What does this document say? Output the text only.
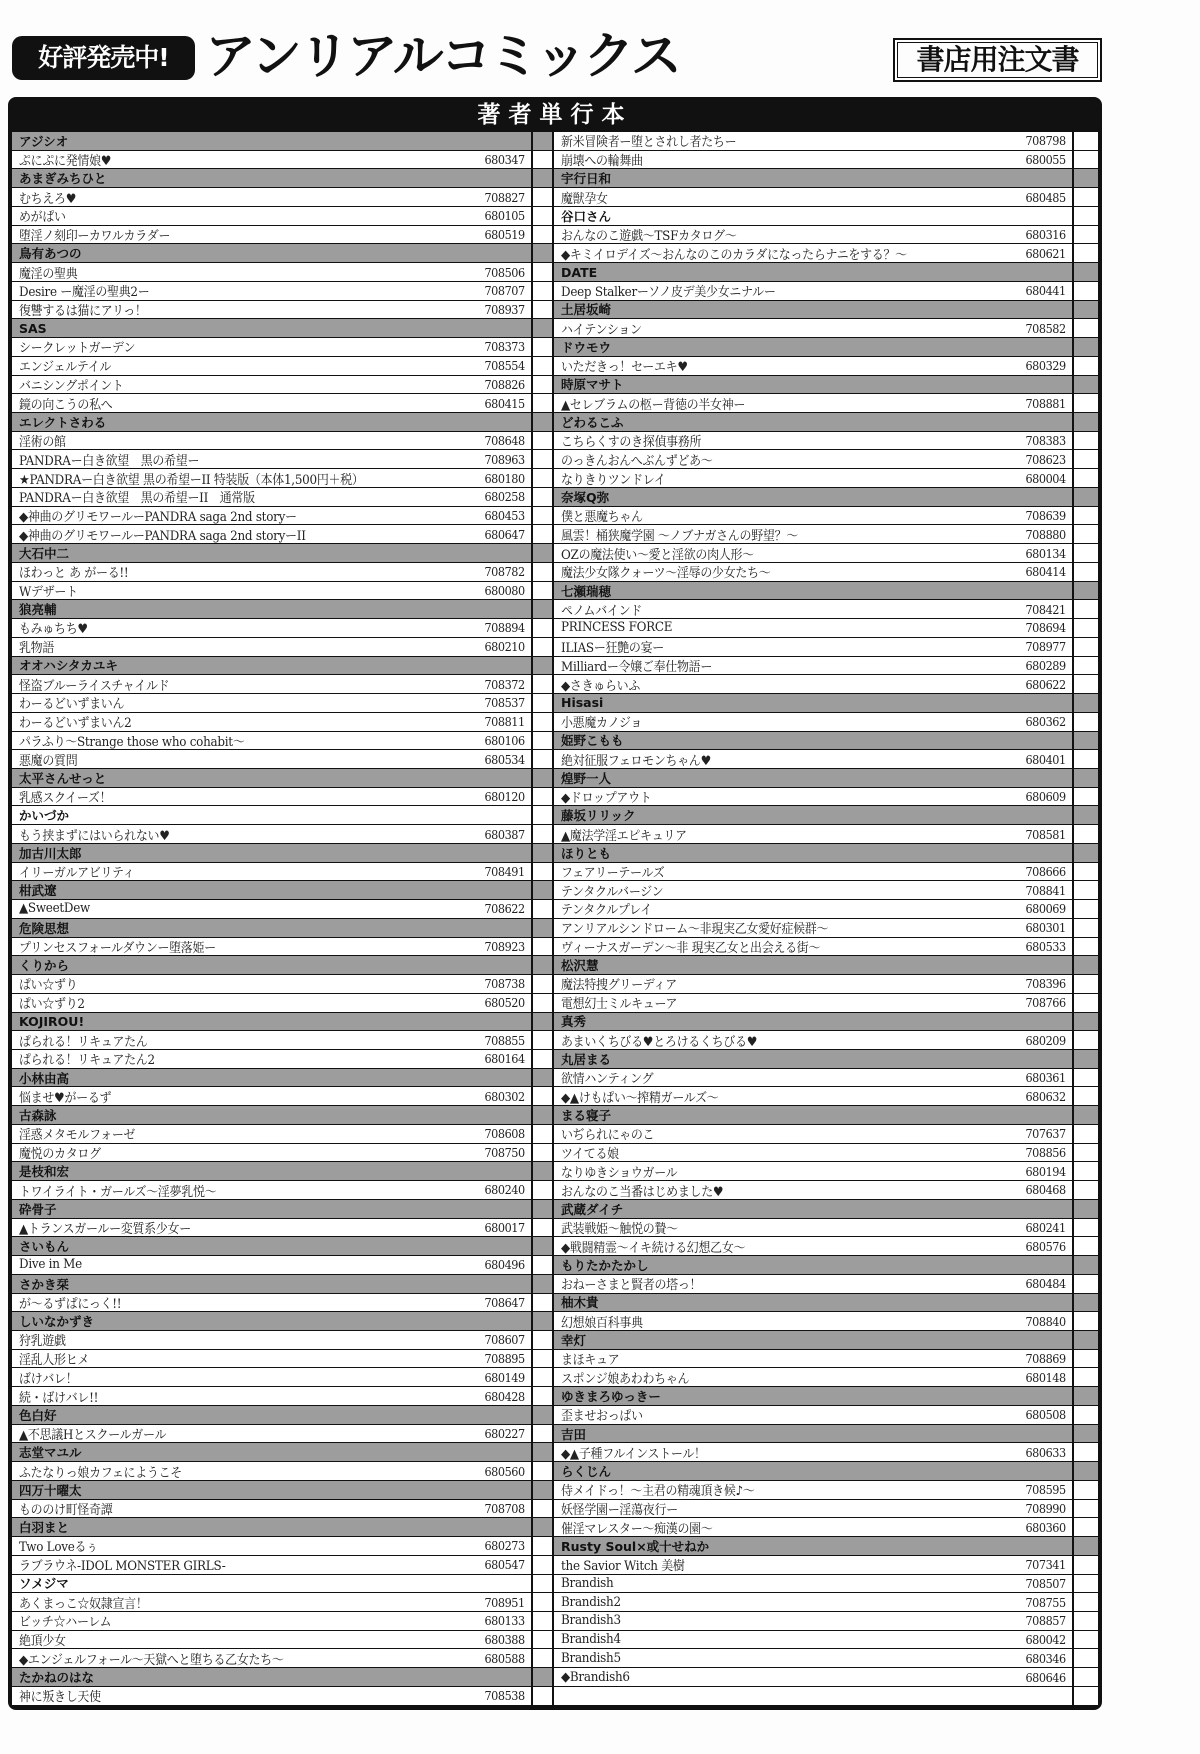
好評発売中! アンリアルコミックス	書店用注文書
著者単行本
アジシオ
ぷにぷに発情娘♥	680347
あまぎみちひと
むちえろ♥	708827
めがぱい	680105
堕淫ノ刻印ーカワルカラダー	680519
鳥有あつの
魔淫の聖典	708506
Desire ー魔淫の聖典2ー	708707
復讐するは猫にアリっ！	708937
SAS
シークレットガーデン	708373
エンジェルテイル	708554
バニシングポイント	708826
鏡の向こうの私へ	680415
エレクトさわる
淫術の館	708648
PANDRAー白き欲望　黒の希望ー	708963
★PANDRAー白き欲望 黒の希望ーII 特装版（本体1,500円＋税）	680180
PANDRAー白き欲望　黒の希望ーII　通常版	680258
◆神曲のグリモワールーPANDRA saga 2nd storyー	680453
◆神曲のグリモワールーPANDRA saga 2nd storyーII	680647
大石中二
ほわっと あ がーる!!	708782
Wデザート	680080
狼亮輔
もみゅちち♥	708894
乳物語	680210
オオハシタカユキ
怪盗ブルーライスチャイルド	708372
わーるどいずまいん	708537
わーるどいずまいん2	708811
パラふり～Strange those who cohabit～	680106
悪魔の質問	680534
太平さんせっと
乳感スクイーズ！	680120
かいづか
もう挟まずにはいられない♥	680387
加古川太郎
イリーガルアビリティ	708491
柑武遼
▲SweetDew	708622
危険思想
プリンセスフォールダウンー堕落姫ー	708923
くりから
ぱい☆ずり	708738
ぱい☆ずり2	680520
KOJIROU!
ぱられる！リキュアたん	708855
ぱられる！リキュアたん2	680164
小林由高
悩ませ♥がーるず	680302
古森詠
淫惑メタモルフォーゼ	708608
魔悦のカタログ	708750
是枝和宏
トワイライト・ガールズ～淫夢乳悦～	680240
砕骨子
▲トランスガールー変質系少女ー	680017
さいもん
Dive in Me	680496
さかき栞
が～るずぱにっく!!	708647
しいなかずき
狩乳遊戯	708607
淫乱人形ヒメ	708895
ばけバレ！	680149
続・ばけバレ!!	680428
色白好
▲不思議Hとスクールガール	680227
志堂マユル
ふたなりっ娘カフェにようこそ	680560
四万十曜太
もののけ町怪奇譚	708708
白羽まと
Two Loveるぅ	680273
ラブラウネ-IDOL MONSTER GIRLS-	680547
ソメジマ
あくまっこ☆奴隷宣言！	708951
ビッチ☆ハーレム	680133
絶頂少女	680388
◆エンジェルフォール～天獄へと堕ちる乙女たち～	680588
たかねのはな
神に叛きし天使	708538
新米冒険者ー堕とされし者たちー	708798
崩壊への輪舞曲	680055
宇行日和
魔獣孕女	680485
谷口さん
おんなのこ遊戯～TSFカタログ～	680316
◆キミイロデイズ～おんなのこのカラダになったらナニをする？～	680621
DATE
Deep Stalkerーソノ皮デ美少女ニナルー	680441
土居坂崎
ハイテンション	708582
ドウモウ
いただきっ！セーエキ♥	680329
時原マサト
▲セレブラムの柩ー背徳の半女神ー	708881
どわるこふ
こちらくすのき探偵事務所	708383
のっきんおんへぶんずどあ～	708623
なりきりツンドレイ	680004
奈塚Q弥
僕と悪魔ちゃん	708639
風雲！桶狭魔学園 ～ノブナガさんの野望？～	708880
OZの魔法使い～愛と淫欲の肉人形～	680134
魔法少女隊クォーツ～淫辱の少女たち～	680414
七瀬瑞穂
ペノムバインド	708421
PRINCESS FORCE	708694
ILIASー狂艶の宴ー	708977
Milliardー令嬢ご奉仕物語ー	680289
◆さきゅらいふ	680622
Hisasi
小悪魔カノジョ	680362
姫野こもも
絶対征服フェロモンちゃん♥	680401
煌野一人
◆ドロップアウト	680609
藤坂リリック
▲魔法学淫エピキュリア	708581
ほりとも
フェアリーテールズ	708666
テンタクルバージン	708841
テンタクルプレイ	680069
アンリアルシンドローム～非現実乙女愛好症候群～	680301
ヴィーナスガーデン～非 現実乙女と出会える街～	680533
松沢慧
魔法特捜グリーディア	708396
電想幻士ミルキューア	708766
真秀
あまいくちびる♥とろけるくちびる♥	680209
丸居まる
欲情ハンティング	680361
◆▲けもぱい～搾精ガールズ～	680632
まる寝子
いぢられにゃのこ	707637
ツイてる娘	708856
なりゆきショウガール	680194
おんなのこ当番はじめました♥	680468
武蔵ダイチ
武装戦姫～触悦の贄～	680241
◆戦闘精霊～イキ続ける幻想乙女～	680576
もりたかたかし
おねーさまと賢者の塔っ！	680484
柚木貴
幻想娘百科事典	708840
幸灯
まほキュア	708869
スポンジ娘あわわちゃん	680148
ゆきまろゆっきー
歪ませおっぱい	680508
吉田
◆▲子種フルインストール！	680633
らくじん
侍メイドっ！～主君の精魂頂き候♪～	708595
妖怪学園ー淫蕩夜行ー	708990
催淫マレスター～痴漢の園～	680360
Rusty Soul×或十せねか
the Savior Witch 美樹	707341
Brandish	708507
Brandish2	708755
Brandish3	708857
Brandish4	680042
Brandish5	680346
◆Brandish6	680646
